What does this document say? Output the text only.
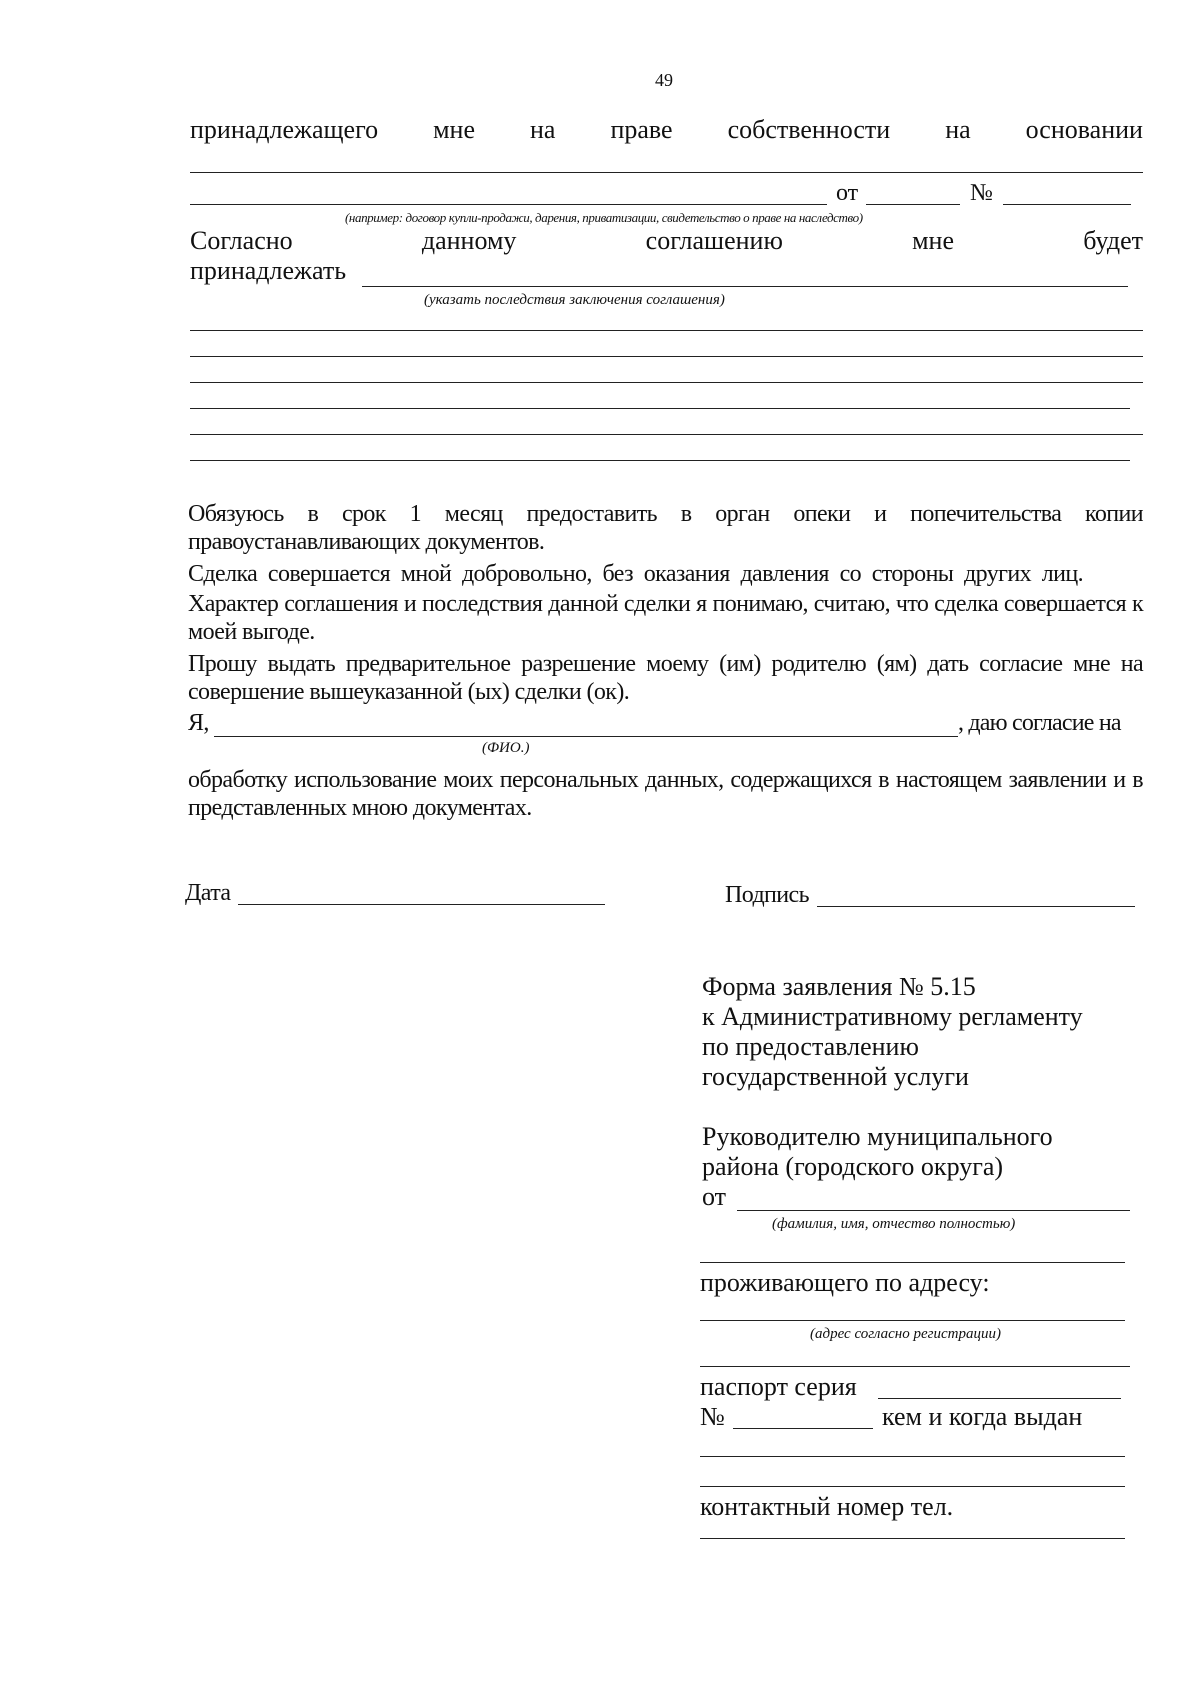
49
принадлежащего мне на праве собственности на основании
от	№
(например: договор купли-продажи, дарения, приватизации, свидетельство о праве на наследство)
Согласно	данному	соглашению	мне	будет
принадлежать
(указать последствия заключения соглашения)
Обязуюсь в срок 1 месяц предоставить в орган опеки и попечительства копии правоустанавливающих документов.
Сделка совершается мной добровольно, без оказания давления со стороны других лиц.
Характер соглашения и последствия данной сделки я понимаю, считаю, что сделка совершается к моей выгоде.
Прошу выдать предварительное разрешение моему (им) родителю (ям) дать согласие мне на совершение вышеуказанной (ых) сделки (ок).
Я,	, даю согласие на
(ФИО.)
обработку использование моих персональных данных, содержащихся в настоящем заявлении и в представленных мною документах.
Дата	Подпись
Форма заявления № 5.15
к Административному регламенту
по предоставлению
государственной услуги
Руководителю муниципального
района (городского округа)
от
(фамилия, имя, отчество полностью)
проживающего по адресу:
(адрес согласно регистрации)
паспорт серия
№	кем и когда выдан
контактный номер тел.
